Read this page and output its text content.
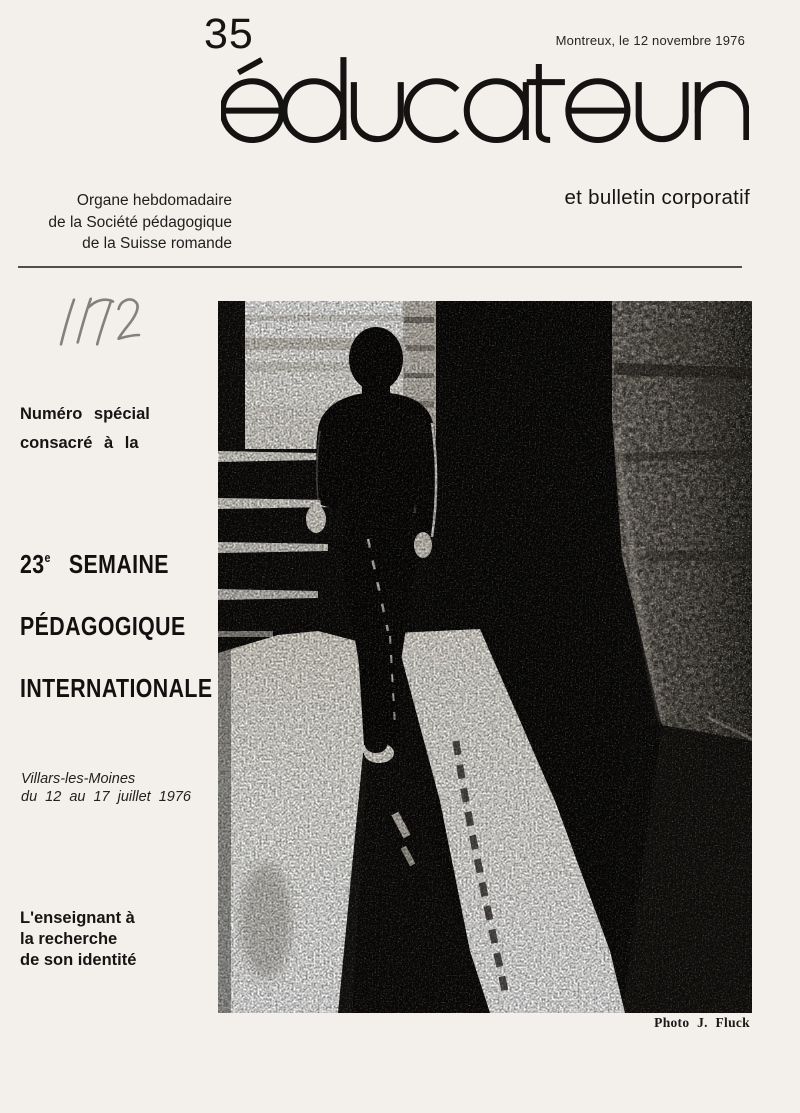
35	Montreux, le 12 novembre 1976
Organe hebdomadaire
de la Société pédagogique
de la Suisse romande
et bulletin corporatif
Numéro spécial
consacré à la
23e SEMAINE
PÉDAGOGIQUE
INTERNATIONALE
Villars-les-Moines
du 12 au 17 juillet 1976
L'enseignant à
la recherche
de son identité
Photo J. Fluck
